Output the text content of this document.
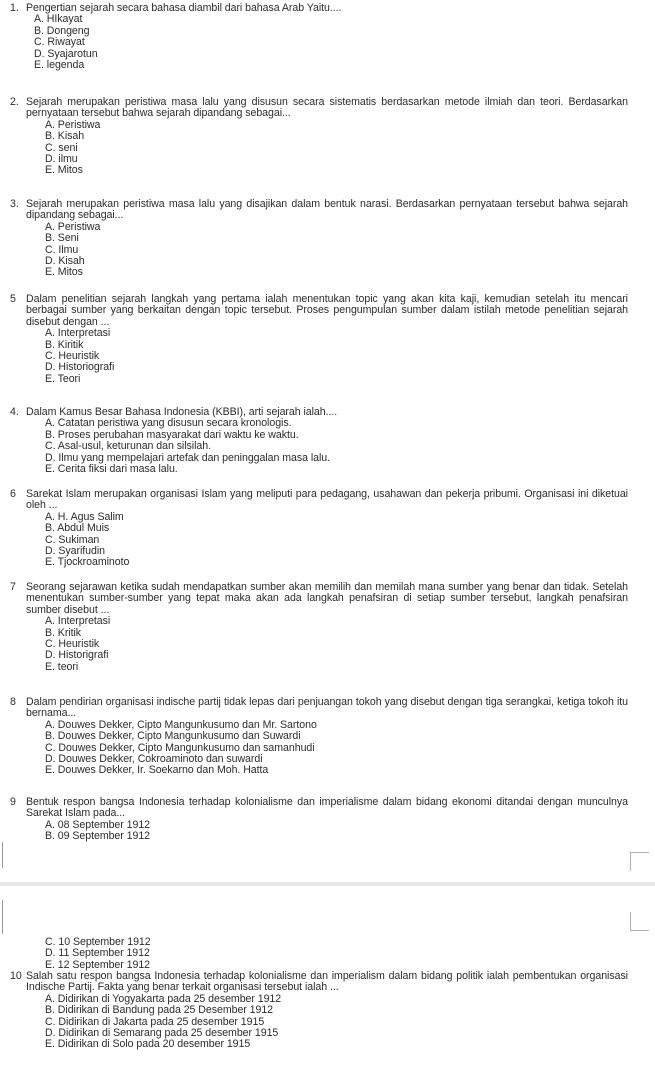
1. Pengertian sejarah secara bahasa diambil dari bahasa Arab Yaitu....
A. HIkayat
B. Dongeng
C. Riwayat
D. Syajarotun
E. legenda
2. Sejarah merupakan peristiwa masa lalu yang disusun secara sistematis berdasarkan metode ilmiah dan teori. Berdasarkan pernyataan tersebut bahwa sejarah dipandang sebagai...
A. Peristiwa
B. Kisah
C. seni
D. ilmu
E. Mitos
3. Sejarah merupakan peristiwa masa lalu yang disajikan dalam bentuk narasi. Berdasarkan pernyataan tersebut bahwa sejarah dipandang sebagai...
A. Peristiwa
B. Seni
C. Ilmu
D. Kisah
E. Mitos
5 Dalam penelitian sejarah langkah yang pertama ialah menentukan topic yang akan kita kaji, kemudian setelah itu mencari berbagai sumber yang berkaitan dengan topic tersebut. Proses pengumpulan sumber dalam istilah metode penelitian sejarah disebut dengan ...
A. Interpretasi
B. Kiritik
C. Heuristik
D. Historiografi
E. Teori
4. Dalam Kamus Besar Bahasa Indonesia (KBBI), arti sejarah ialah....
A. Catatan peristiwa yang disusun secara kronologis.
B. Proses perubahan masyarakat dari waktu ke waktu.
C. Asal-usul, keturunan dan silsilah.
D. Ilmu yang mempelajari artefak dan peninggalan masa lalu.
E. Cerita fiksi dari masa lalu.
6 Sarekat Islam merupakan organisasi Islam yang meliputi para pedagang, usahawan dan pekerja pribumi. Organisasi ini diketuai oleh ...
A. H. Agus Salim
B. Abdul Muis
C. Sukiman
D. Syarifudin
E. Tjockroaminoto
7 Seorang sejarawan ketika sudah mendapatkan sumber akan memilih dan memilah mana sumber yang benar dan tidak. Setelah menentukan sumber-sumber yang tepat maka akan ada langkah penafsiran di setiap sumber tersebut, langkah penafsiran sumber disebut ...
A. Interpretasi
B. Kritik
C. Heuristik
D. Historigrafi
E. teori
8 Dalam pendirian organisasi indische partij tidak lepas dari penjuangan tokoh yang disebut dengan tiga serangkai, ketiga tokoh itu bernama...
A. Douwes Dekker, Cipto Mangunkusumo dan Mr. Sartono
B. Douwes Dekker, Cipto Mangunkusumo dan Suwardi
C. Douwes Dekker, Cipto Mangunkusumo dan samanhudi
D. Douwes Dekker, Cokroaminoto dan suwardi
E. Douwes Dekker, Ir. Soekarno dan Moh. Hatta
9 Bentuk respon bangsa Indonesia terhadap kolonialisme dan imperialisme dalam bidang ekonomi ditandai dengan munculnya Sarekat Islam pada...
A. 08 September 1912
B. 09 September 1912
C. 10 September 1912
D. 11 September 1912
E. 12 September 1912
10 Salah satu respon bangsa Indonesia terhadap kolonialisme dan imperialism dalam bidang politik ialah pembentukan organisasi Indische Partij. Fakta yang benar terkait organisasi tersebut ialah ...
A. Didirikan di Yogyakarta pada 25 desember 1912
B. Didirikan di Bandung pada 25 Desember 1912
C. Didirikan di Jakarta pada 25 desember 1915
D. Didirikan di Semarang pada 25 desember 1915
E. Didirikan di Solo pada 20 desember 1915
